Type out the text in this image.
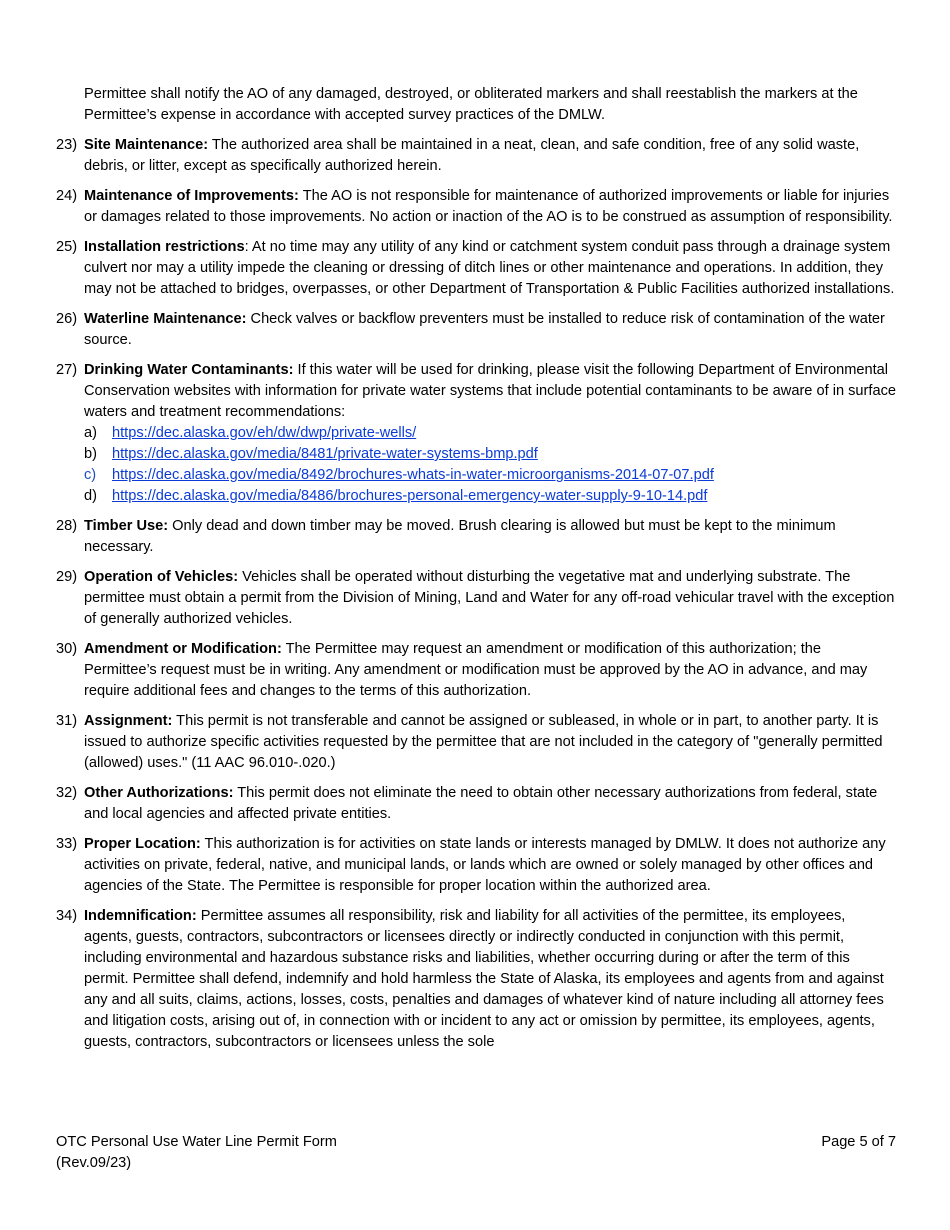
Permittee shall notify the AO of any damaged, destroyed, or obliterated markers and shall reestablish the markers at the Permittee’s expense in accordance with accepted survey practices of the DMLW.
23) Site Maintenance: The authorized area shall be maintained in a neat, clean, and safe condition, free of any solid waste, debris, or litter, except as specifically authorized herein.
24) Maintenance of Improvements: The AO is not responsible for maintenance of authorized improvements or liable for injuries or damages related to those improvements. No action or inaction of the AO is to be construed as assumption of responsibility.
25) Installation restrictions: At no time may any utility of any kind or catchment system conduit pass through a drainage system culvert nor may a utility impede the cleaning or dressing of ditch lines or other maintenance and operations. In addition, they may not be attached to bridges, overpasses, or other Department of Transportation & Public Facilities authorized installations.
26) Waterline Maintenance: Check valves or backflow preventers must be installed to reduce risk of contamination of the water source.
27) Drinking Water Contaminants: If this water will be used for drinking, please visit the following Department of Environmental Conservation websites with information for private water systems that include potential contaminants to be aware of in surface waters and treatment recommendations:
a)	https://dec.alaska.gov/eh/dw/dwp/private-wells/
b)	https://dec.alaska.gov/media/8481/private-water-systems-bmp.pdf
c)	https://dec.alaska.gov/media/8492/brochures-whats-in-water-microorganisms-2014-07-07.pdf
d)	https://dec.alaska.gov/media/8486/brochures-personal-emergency-water-supply-9-10-14.pdf
28) Timber Use: Only dead and down timber may be moved. Brush clearing is allowed but must be kept to the minimum necessary.
29) Operation of Vehicles: Vehicles shall be operated without disturbing the vegetative mat and underlying substrate. The permittee must obtain a permit from the Division of Mining, Land and Water for any off-road vehicular travel with the exception of generally authorized vehicles.
30) Amendment or Modification: The Permittee may request an amendment or modification of this authorization; the Permittee’s request must be in writing. Any amendment or modification must be approved by the AO in advance, and may require additional fees and changes to the terms of this authorization.
31) Assignment: This permit is not transferable and cannot be assigned or subleased, in whole or in part, to another party. It is issued to authorize specific activities requested by the permittee that are not included in the category of "generally permitted (allowed) uses." (11 AAC 96.010-.020.)
32) Other Authorizations: This permit does not eliminate the need to obtain other necessary authorizations from federal, state and local agencies and affected private entities.
33) Proper Location: This authorization is for activities on state lands or interests managed by DMLW. It does not authorize any activities on private, federal, native, and municipal lands, or lands which are owned or solely managed by other offices and agencies of the State. The Permittee is responsible for proper location within the authorized area.
34) Indemnification: Permittee assumes all responsibility, risk and liability for all activities of the permittee, its employees, agents, guests, contractors, subcontractors or licensees directly or indirectly conducted in conjunction with this permit, including environmental and hazardous substance risks and liabilities, whether occurring during or after the term of this permit. Permittee shall defend, indemnify and hold harmless the State of Alaska, its employees and agents from and against any and all suits, claims, actions, losses, costs, penalties and damages of whatever kind of nature including all attorney fees and litigation costs, arising out of, in connection with or incident to any act or omission by permittee, its employees, agents, guests, contractors, subcontractors or licensees unless the sole
OTC Personal Use Water Line Permit Form
(Rev.09/23)
Page 5 of 7
